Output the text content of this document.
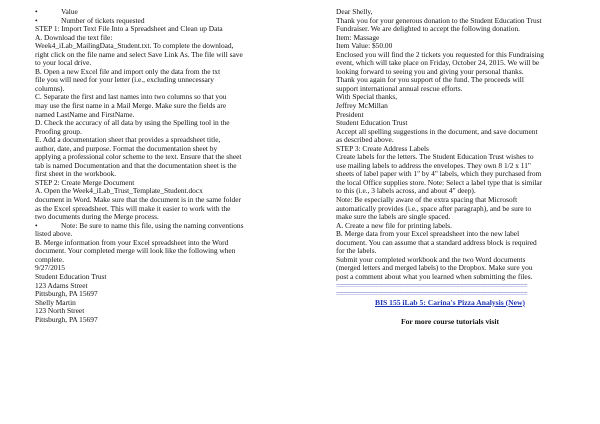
•	Value
•	Number of tickets requested
STEP 1: Import Text File Into a Spreadsheet and Clean up Data
A. Download the text file:
Week4_iLab_MailingData_Student.txt. To complete the download,
right click on the file name and select Save Link As. The file will save
to your local drive.
B. Open a new Excel file and import only the data from the txt
file you will need for your letter (i.e., excluding unnecessary
columns).
C. Separate the first and last names into two columns so that you
may use the first name in a Mail Merge. Make sure the fields are
named LastName and FirstName.
D. Check the accuracy of all data by using the Spelling tool in the
Proofing group.
E. Add a documentation sheet that provides a spreadsheet title,
author, date, and purpose. Format the documentation sheet by
applying a professional color scheme to the text. Ensure that the sheet
tab is named Documentation and that the documentation sheet is the
first sheet in the workbook.
STEP 2: Create Merge Document
A. Open the Week4_iLab_Trust_Template_Student.docx
document in Word. Make sure that the document is in the same folder
as the Excel spreadsheet. This will make it easier to work with the
two documents during the Merge process.
•	Note: Be sure to name this file, using the naming conventions
listed above.
B. Merge information from your Excel spreadsheet into the Word
document. Your completed merge will look like the following when
complete.
9/27/2015
Student Education Trust
123 Adams Street
Pittsburgh, PA 15697
Shelly Martin
123 North Street
Pittsburgh, PA 15697
Dear Shelly,
Thank you for your generous donation to the Student Education Trust
Fundraiser. We are delighted to accept the following donation.
Item: Massage
Item Value: $50.00
Enclosed you will find the 2 tickets you requested for this Fundraising
event, which will take place on Friday, October 24, 2015. We will be
looking forward to seeing you and giving your personal thanks.
Thank you again for you support of the fund. The proceeds will
support international annual rescue efforts.
With Special thanks,
Jeffrey McMillan
President
Student Education Trust
Accept all spelling suggestions in the document, and save document
as described above.
STEP 3: Create Address Labels
Create labels for the letters. The Student Education Trust wishes to
use mailing labels to address the envelopes. They own 8 1/2 x 11"
sheets of label paper with 1" by 4" labels, which they purchased from
the local Office supplies store. Note: Select a label type that is similar
to this (i.e., 3 labels across, and about 4" deep).
Note: Be especially aware of the extra spacing that Microsoft
automatically provides (i.e., space after paragraph), and be sure to
make sure the labels are single spaced.
A. Create a new file for printing labels.
B. Merge data from your Excel spreadsheet into the new label
document. You can assume that a standard address block is required
for the labels.
Submit your completed workbook and the two Word documents
(merged letters and merged labels) to the Dropbox. Make sure you
post a comment about what you learned when submitting the files.
=========================================================
=========================================================
BIS 155 iLab 5: Carina's Pizza Analysis (New)
For more course tutorials visit
